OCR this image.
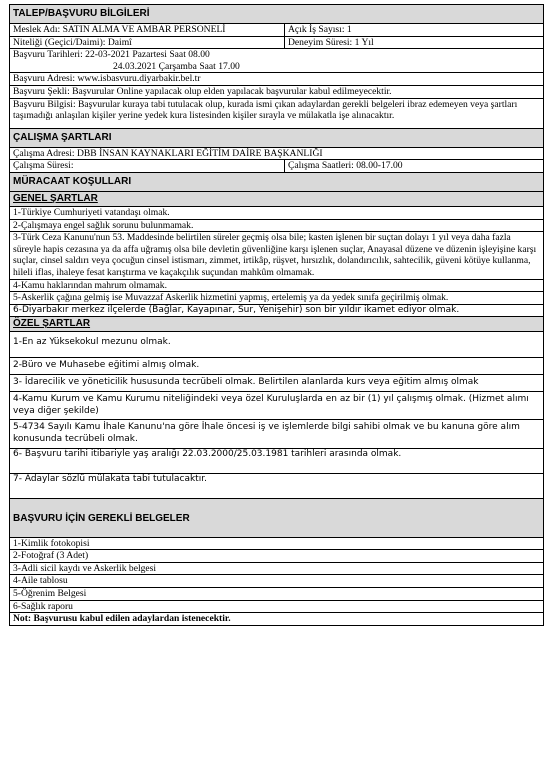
TALEP/BAŞVURU BİLGİLERİ	
Meslek Adı: SATIN ALMA VE AMBAR PERSONELİ	Açık İş Sayısı: 1
Niteliği (Geçici/Daimi): Daimî	Deneyim Süresi: 1 Yıl

Başvuru Tarihleri: 22-03-2021 Pazartesi Saat 08.00
24.03.2021 Çarşamba Saat 17.00	

Başvuru Adresi: www.isbasvuru.diyarbakir.bel.tr	
Başvuru Şekli: Başvurular Online yapılacak olup elden yapılacak başvurular kabul edilmeyecektir.	
Başvuru Bilgisi: Başvurular kuraya tabi tutulacak olup, kurada ismi çıkan adaylardan gerekli belgeleri ibraz edemeyen veya şartları taşımadığı anlaşılan kişiler yerine yedek kura listesinden kişiler sırayla ve mülakatla işe alınacaktır.	
ÇALIŞMA ŞARTLARI	
Çalışma Adresi: DBB İNSAN KAYNAKLARI EĞİTİM DAİRE BAŞKANLIĞI	
Çalışma Süresi:	Çalışma Saatleri: 08.00-17.00
MÜRACAAT KOŞULLARI	
GENEL ŞARTLAR	
1-Türkiye Cumhuriyeti vatandaşı olmak.	
2-Çalışmaya engel sağlık sorunu bulunmamak.	
3-Türk Ceza Kanunu'nun 53. Maddesinde belirtilen süreler geçmiş olsa bile; kasten işlenen bir suçtan dolayı 1 yıl veya daha fazla süreyle hapis cezasına ya da affa uğramış olsa bile devletin güvenliğine karşı işlenen suçlar, Anayasal düzene ve düzenin işleyişine karşı suçlar, cinsel saldırı veya çocuğun cinsel istismarı, zimmet, irtikâp, rüşvet, hırsızlık, dolandırıcılık, sahtecilik, güveni kötüye kullanma, hileli iflas, ihaleye fesat karıştırma ve kaçakçılık suçundan mahkûm olmamak.	
4-Kamu haklarından mahrum olmamak.	
5-Askerlik çağına gelmiş ise Muvazzaf Askerlik hizmetini yapmış, ertelemiş ya da yedek sınıfa geçirilmiş olmak.	
6-Diyarbakır merkez ilçelerde (Bağlar, Kayapınar, Sur, Yenişehir) son bir yıldır ikamet ediyor olmak.	
ÖZEL ŞARTLAR	
1-En az Yüksekokul mezunu olmak.	
2-Büro ve Muhasebe eğitimi almış olmak.	
3- İdarecilik ve yöneticilik hususunda tecrübeli olmak. Belirtilen alanlarda kurs veya eğitim almış olmak	
4-Kamu Kurum ve Kamu Kurumu niteliğindeki veya özel Kuruluşlarda en az bir (1) yıl çalışmış olmak. (Hizmet alımı veya diğer şekilde)	
5-4734 Sayılı Kamu İhale Kanunu'na göre İhale öncesi iş ve işlemlerde bilgi sahibi olmak ve bu kanuna göre alım konusunda tecrübeli olmak.	
6- Başvuru tarihi itibariyle yaş aralığı 22.03.2000/25.03.1981 tarihleri arasında olmak.	
7- Adaylar sözlü mülakata tabi tutulacaktır.	
BAŞVURU İÇİN GEREKLİ BELGELER	
1-Kimlik fotokopisi	
2-Fotoğraf (3 Adet)	
3-Adli sicil kaydı ve Askerlik belgesi	
4-Aile tablosu	
5-Öğrenim Belgesi	
6-Sağlık raporu	
Not: Başvurusu kabul edilen adaylardan istenecektir.	
